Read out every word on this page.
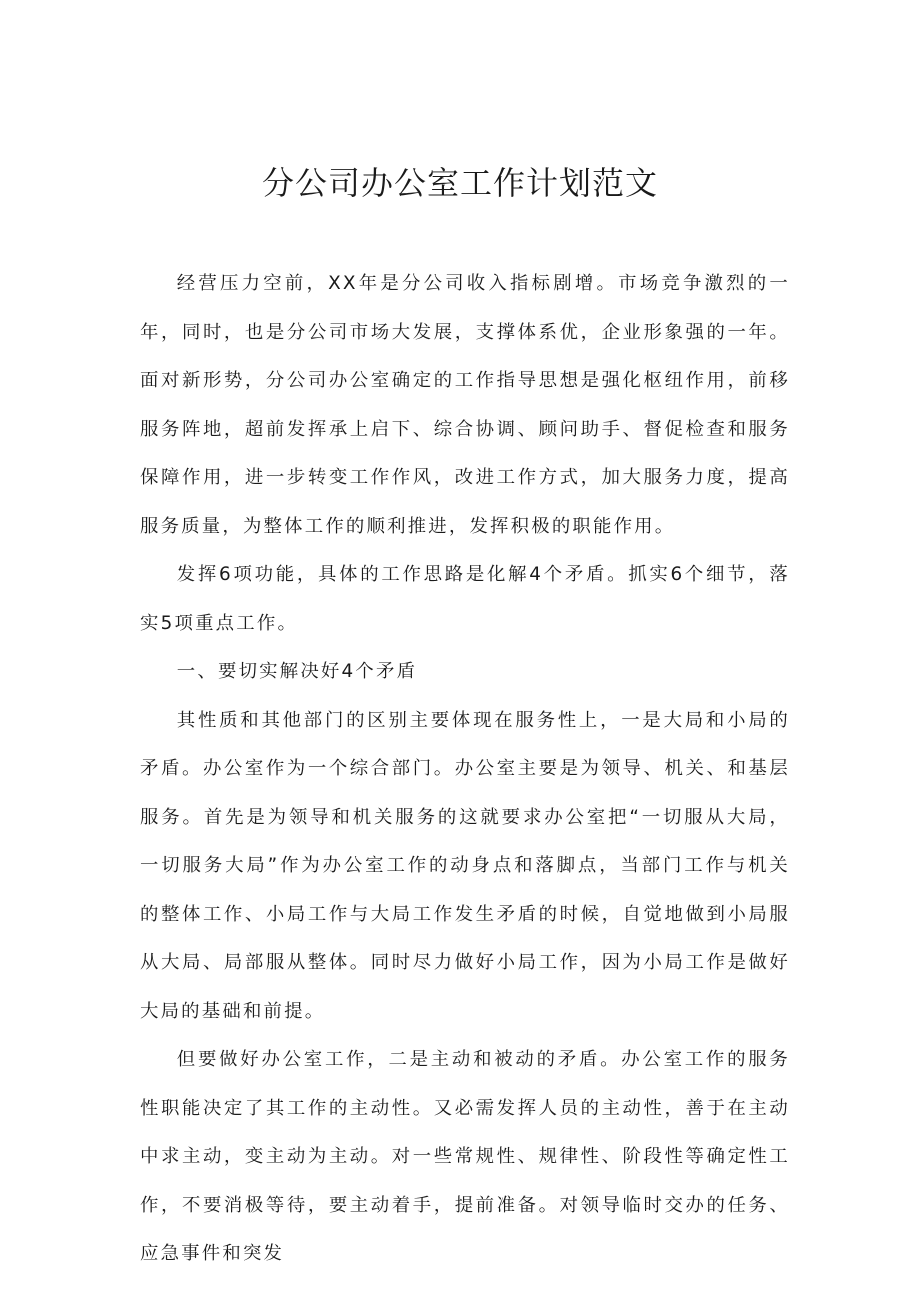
分公司办公室工作计划范文

经营压力空前，XX年是分公司收入指标剧增。市场竞争激烈的一年，同时，也是分公司市场大发展，支撑体系优，企业形象强的一年。面对新形势，分公司办公室确定的工作指导思想是强化枢纽作用，前移服务阵地，超前发挥承上启下、综合协调、顾问助手、督促检查和服务保障作用，进一步转变工作作风，改进工作方式，加大服务力度，提高服务质量，为整体工作的顺利推进，发挥积极的职能作用。

发挥6项功能，具体的工作思路是化解4个矛盾。抓实6个细节，落实5项重点工作。

一、要切实解决好4个矛盾

其性质和其他部门的区别主要体现在服务性上，一是大局和小局的矛盾。办公室作为一个综合部门。办公室主要是为领导、机关、和基层服务。首先是为领导和机关服务的这就要求办公室把“一切服从大局，一切服务大局”作为办公室工作的动身点和落脚点，当部门工作与机关的整体工作、小局工作与大局工作发生矛盾的时候，自觉地做到小局服从大局、局部服从整体。同时尽力做好小局工作，因为小局工作是做好大局的基础和前提。

但要做好办公室工作，二是主动和被动的矛盾。办公室工作的服务性职能决定了其工作的主动性。又必需发挥人员的主动性，善于在主动中求主动，变主动为主动。对一些常规性、规律性、阶段性等确定性工作，不要消极等待，要主动着手，提前准备。对领导临时交办的任务、应急事件和突发
